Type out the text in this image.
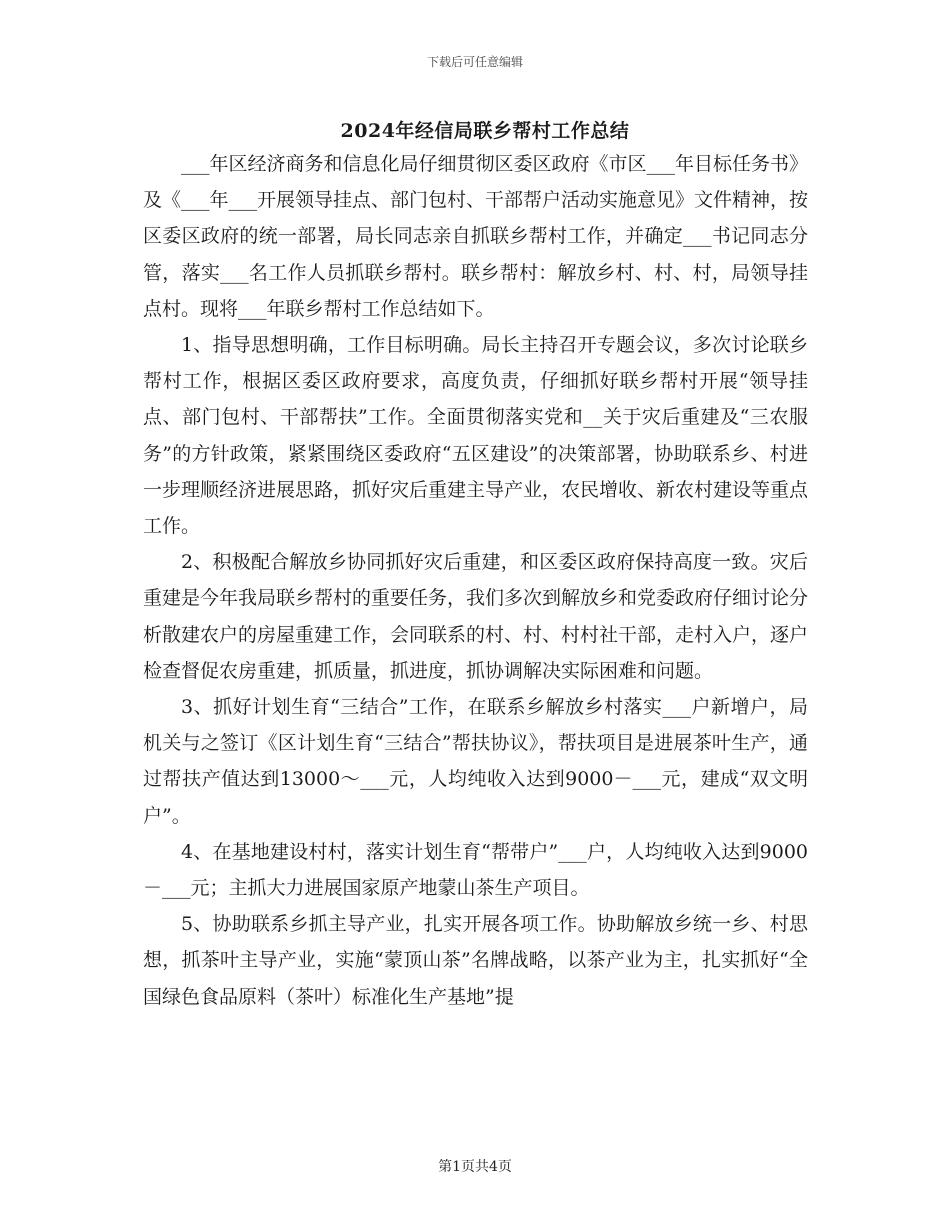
下载后可任意编辑
2024年经信局联乡帮村工作总结

___年区经济商务和信息化局仔细贯彻区委区政府《市区___年目标任务书》及《___年___开展领导挂点、部门包村、干部帮户活动实施意见》文件精神，按区委区政府的统一部署，局长同志亲自抓联乡帮村工作，并确定___书记同志分管，落实___名工作人员抓联乡帮村。联乡帮村：解放乡村、村、村，局领导挂点村。现将___年联乡帮村工作总结如下。

1、指导思想明确，工作目标明确。局长主持召开专题会议，多次讨论联乡帮村工作，根据区委区政府要求，高度负责，仔细抓好联乡帮村开展“领导挂点、部门包村、干部帮扶”工作。全面贯彻落实党和__关于灾后重建及“三农服务”的方针政策，紧紧围绕区委政府“五区建设”的决策部署，协助联系乡、村进一步理顺经济进展思路，抓好灾后重建主导产业，农民增收、新农村建设等重点工作。

2、积极配合解放乡协同抓好灾后重建，和区委区政府保持高度一致。灾后重建是今年我局联乡帮村的重要任务，我们多次到解放乡和党委政府仔细讨论分析散建农户的房屋重建工作，会同联系的村、村、村村社干部，走村入户，逐户检查督促农房重建，抓质量，抓进度，抓协调解决实际困难和问题。

3、抓好计划生育“三结合”工作，在联系乡解放乡村落实___户新增户，局机关与之签订《区计划生育“三结合”帮扶协议》，帮扶项目是进展茶叶生产，通过帮扶产值达到13000～___元，人均纯收入达到9000－___元，建成“双文明户”。

4、在基地建设村村，落实计划生育“帮带户”___户，人均纯收入达到9000－___元；主抓大力进展国家原产地蒙山茶生产项目。

5、协助联系乡抓主导产业，扎实开展各项工作。协助解放乡统一乡、村思想，抓茶叶主导产业，实施“蒙顶山茶”名牌战略，以茶产业为主，扎实抓好“全国绿色食品原料（茶叶）标准化生产基地”提

第1页共4页
